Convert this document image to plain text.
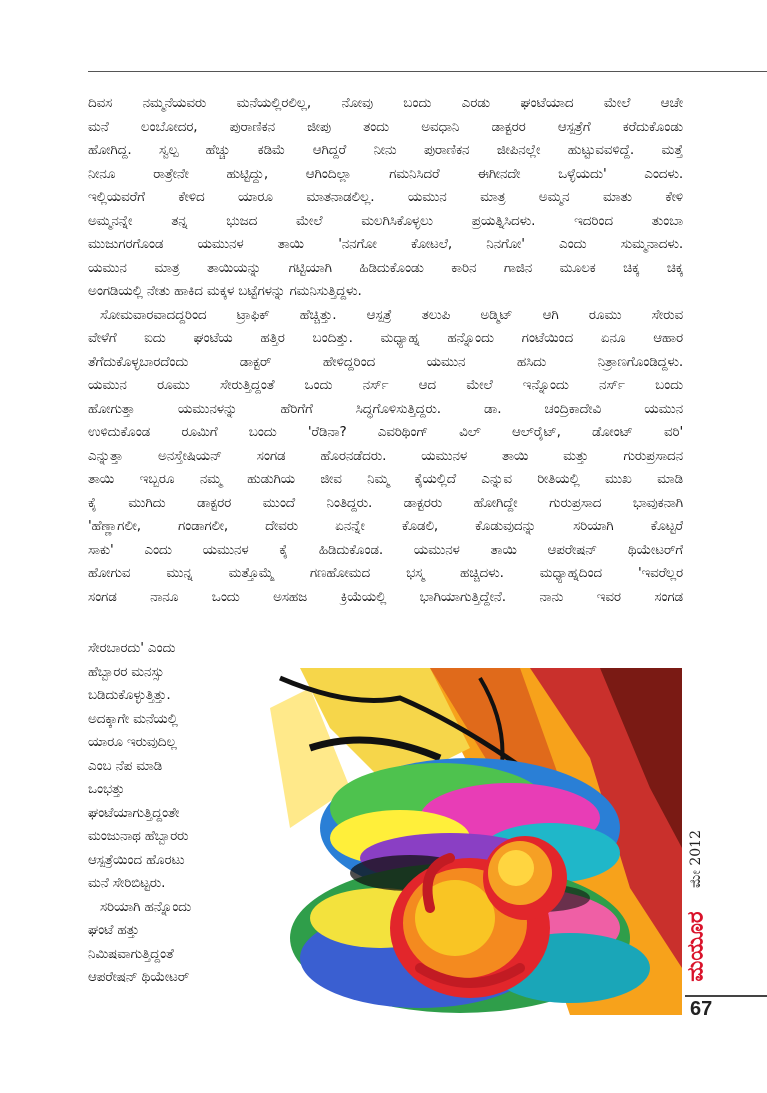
ದಿವಸ ನಮ್ಮನೆಯವರು ಮನೆಯಲ್ಲಿರಲಿಲ್ಲ, ನೋವು ಬಂದು ಎರಡು ಘಂಟೆಯಾದ ಮೇಲೆ ಆಚೇ
ಮನೆ ಲಂಬೋದರ, ಪುರಾಣಿಕನ ಜೀಪು ತಂದು ಅವಧಾನಿ ಡಾಕ್ಟರರ ಆಸ್ಪತ್ರೆಗೆ ಕರೆದುಕೊಂಡು
ಹೋಗಿದ್ದ. ಸ್ವಲ್ಪ ಹೆಚ್ಚು ಕಡಿಮೆ ಆಗಿದ್ದರೆ ನೀನು ಪುರಾಣಿಕನ ಜೀಪಿನಲ್ಲೇ ಹುಟ್ಟುವವಳಿದ್ದೆ. ಮತ್ತೆ
ನೀನೂ ರಾತ್ರೇನೇ ಹುಟ್ಟಿದ್ದು, ಆಗಿಂದಿಲ್ಲಾ ಗಮನಿಸಿದರೆ ಈಗೀನದೇ ಒಳ್ಳೆಯದು' ಎಂದಳು.
ಇಲ್ಲಿಯವರೆಗೆ ಕೇಳಿದ ಯಾರೂ ಮಾತನಾಡಲಿಲ್ಲ. ಯಮುನ ಮಾತ್ರ ಅಮ್ಮನ ಮಾತು ಕೇಳಿ
ಅಮ್ಮನನ್ನೇ ತನ್ನ ಭುಜದ ಮೇಲೆ ಮಲಗಿಸಿಕೊಳ್ಳಲು ಪ್ರಯತ್ನಿಸಿದಳು. ಇದರಿಂದ ತುಂಬಾ
ಮುಜುಗರಗೊಂಡ ಯಮುನಳ ತಾಯಿ 'ನನಗೋ ಕೋಟಲೆ, ನಿನಗೋ' ಎಂದು ಸುಮ್ಮನಾದಳು.
ಯಮುನ ಮಾತ್ರ ತಾಯಿಯನ್ನು ಗಟ್ಟಿಯಾಗಿ ಹಿಡಿದುಕೊಂಡು ಕಾರಿನ ಗಾಜಿನ ಮೂಲಕ ಚಿಕ್ಕ ಚಿಕ್ಕ
ಅಂಗಡಿಯಲ್ಲಿ ನೇತು ಹಾಕಿದ ಮಕ್ಕಳ ಬಟ್ಟೆಗಳನ್ನು ಗಮನಿಸುತ್ತಿದ್ದಳು.
ಸೋಮವಾರವಾದದ್ದರಿಂದ ಟ್ರಾಫಿಕ್ ಹೆಚ್ಚಿತ್ತು. ಆಸ್ಪತ್ರೆ ತಲುಪಿ ಅಡ್ಮಿಟ್ ಆಗಿ ರೂಮು ಸೇರುವ
ವೇಳೆಗೆ ಐದು ಘಂಟೆಯ ಹತ್ತಿರ ಬಂದಿತ್ತು. ಮಧ್ಯಾಹ್ನ ಹನ್ನೊಂದು ಗಂಟೆಯಿಂದ ಏನೂ ಆಹಾರ
ತೆಗೆದುಕೊಳ್ಳಬಾರದೆಂದು ಡಾಕ್ಟರ್ ಹೇಳಿದ್ದರಿಂದ ಯಮುನ ಹಸಿದು ನಿತ್ರಾಣಗೊಂಡಿದ್ದಳು.
ಯಮುನ ರೂಮು ಸೇರುತ್ತಿದ್ದಂತೆ ಒಂದು ನರ್ಸ್ ಆದ ಮೇಲೆ ಇನ್ನೊಂದು ನರ್ಸ್ ಬಂದು
ಹೋಗುತ್ತಾ ಯಮುನಳನ್ನು ಹೆರಿಗೆಗೆ ಸಿದ್ಧಗೊಳಿಸುತ್ತಿದ್ದರು. ಡಾ. ಚಂದ್ರಿಕಾದೇವಿ ಯಮುನ
ಉಳಿದುಕೊಂಡ ರೂಮಿಗೆ ಬಂದು 'ರೆಡಿನಾ? ಎವರಿಥಿಂಗ್ ವಿಲ್ ಆಲ್‌ರೈಟ್, ಡೋಂಟ್ ವರಿ'
ಎನ್ನುತ್ತಾ ಅನಸ್ತೇಷಿಯನ್ ಸಂಗಡ ಹೊರನಡೆದರು. ಯಮುನಳ ತಾಯಿ ಮತ್ತು ಗುರುಪ್ರಸಾದನ
ತಾಯಿ ಇಬ್ಬರೂ ನಮ್ಮ ಹುಡುಗಿಯ ಜೀವ ನಿಮ್ಮ ಕೈಯಲ್ಲಿದೆ ಎನ್ನುವ ರೀತಿಯಲ್ಲಿ ಮುಖ ಮಾಡಿ
ಕೈ ಮುಗಿದು ಡಾಕ್ಟರರ ಮುಂದೆ ನಿಂತಿದ್ದರು. ಡಾಕ್ಟರರು ಹೋಗಿದ್ದೇ ಗುರುಪ್ರಸಾದ ಭಾವುಕನಾಗಿ
'ಹೆಣ್ಣಾಗಲೀ, ಗಂಡಾಗಲೀ, ದೇವರು ಏನನ್ನೇ ಕೊಡಲಿ, ಕೊಡುವುದನ್ನು ಸರಿಯಾಗಿ ಕೊಟ್ಟರೆ
ಸಾಕು' ಎಂದು ಯಮುನಳ ಕೈ ಹಿಡಿದುಕೊಂಡ. ಯಮುನಳ ತಾಯಿ ಆಪರೇಷನ್ ಥಿಯೇಟರ್‌ಗೆ
ಹೋಗುವ ಮುನ್ನ ಮತ್ತೊಮ್ಮೆ ಗಣಹೋಮದ ಭಸ್ಮ ಹಚ್ಚಿದಳು. ಮಧ್ಯಾಹ್ನದಿಂದ 'ಇವರೆಲ್ಲರ
ಸಂಗಡ ನಾನೂ ಒಂದು ಅಸಹಜ ಕ್ರಿಯೆಯಲ್ಲಿ ಭಾಗಿಯಾಗುತ್ತಿದ್ದೇನೆ. ನಾನು ಇವರ ಸಂಗಡ
ಸೇರಬಾರದು' ಎಂದು
ಹೆಬ್ಬಾರರ ಮನಸ್ಸು
ಬಡಿದುಕೊಳ್ಳುತ್ತಿತ್ತು.
ಅದಕ್ಕಾಗೇ ಮನೆಯಲ್ಲಿ
ಯಾರೂ ಇರುವುದಿಲ್ಲ
ಎಂಬ ನೆಪ ಮಾಡಿ
ಒಂಭತ್ತು
ಘಂಟೆಯಾಗುತ್ತಿದ್ದಂತೇ
ಮಂಜುನಾಥ ಹೆಬ್ಬಾರರು
ಆಸ್ಪತ್ರೆಯಿಂದ ಹೊರಟು
ಮನೆ ಸೇರಿಬಿಟ್ಟರು.
ಸರಿಯಾಗಿ ಹನ್ನೊಂದು
ಘಂಟೆ ಹತ್ತು
ನಿಮಿಷವಾಗುತ್ತಿದ್ದಂತೆ
ಆಪರೇಷನ್ ಥಿಯೇಟರ್
ಮೇ 2012
ಮಯೂರ
67
